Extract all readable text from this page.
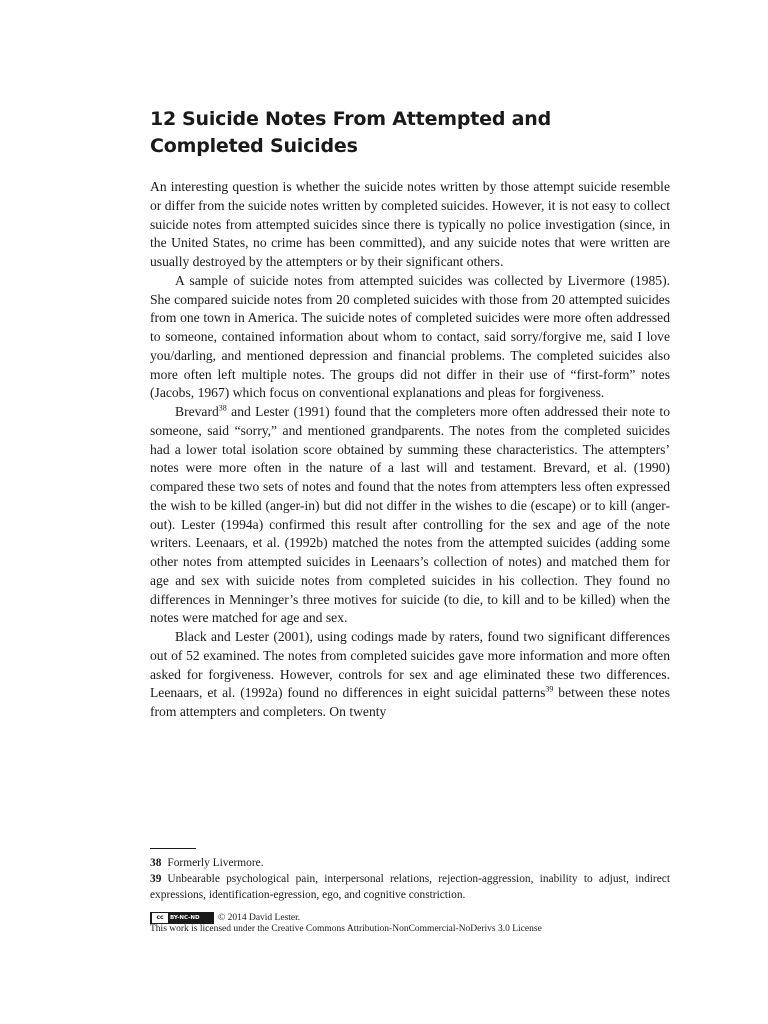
12 Suicide Notes From Attempted and Completed Suicides

An interesting question is whether the suicide notes written by those attempt suicide resemble or differ from the suicide notes written by completed suicides. However, it is not easy to collect suicide notes from attempted suicides since there is typically no police investigation (since, in the United States, no crime has been committed), and any suicide notes that were written are usually destroyed by the attempters or by their significant others.

A sample of suicide notes from attempted suicides was collected by Livermore (1985). She compared suicide notes from 20 completed suicides with those from 20 attempted suicides from one town in America. The suicide notes of completed suicides were more often addressed to someone, contained information about whom to contact, said sorry/forgive me, said I love you/darling, and mentioned depression and financial problems. The completed suicides also more often left multiple notes. The groups did not differ in their use of “first-form” notes (Jacobs, 1967) which focus on conventional explanations and pleas for forgiveness.

Brevard$^{38}$ and Lester (1991) found that the completers more often addressed their note to someone, said “sorry,” and mentioned grandparents. The notes from the completed suicides had a lower total isolation score obtained by summing these characteristics. The attempters’ notes were more often in the nature of a last will and testament. Brevard, et al. (1990) compared these two sets of notes and found that the notes from attempters less often expressed the wish to be killed (anger-in) but did not differ in the wishes to die (escape) or to kill (anger-out). Lester (1994a) confirmed this result after controlling for the sex and age of the note writers. Leenaars, et al. (1992b) matched the notes from the attempted suicides (adding some other notes from attempted suicides in Leenaars’s collection of notes) and matched them for age and sex with suicide notes from completed suicides in his collection. They found no differences in Menninger’s three motives for suicide (to die, to kill and to be killed) when the notes were matched for age and sex.

Black and Lester (2001), using codings made by raters, found two significant differences out of 52 examined. The notes from completed suicides gave more information and more often asked for forgiveness. However, controls for sex and age eliminated these two differences. Leenaars, et al. (1992a) found no differences in eight suicidal patterns$^{39}$ between these notes from attempters and completers. On twenty

38 Formerly Livermore.

39 Unbearable psychological pain, interpersonal relations, rejection-aggression, inability to adjust, indirect expressions, identification-egression, ego, and cognitive constriction.

cc	BY-NC-ND © 2014 David Lester.
This work is licensed under the Creative Commons Attribution-NonCommercial-NoDerivs 3.0 License
